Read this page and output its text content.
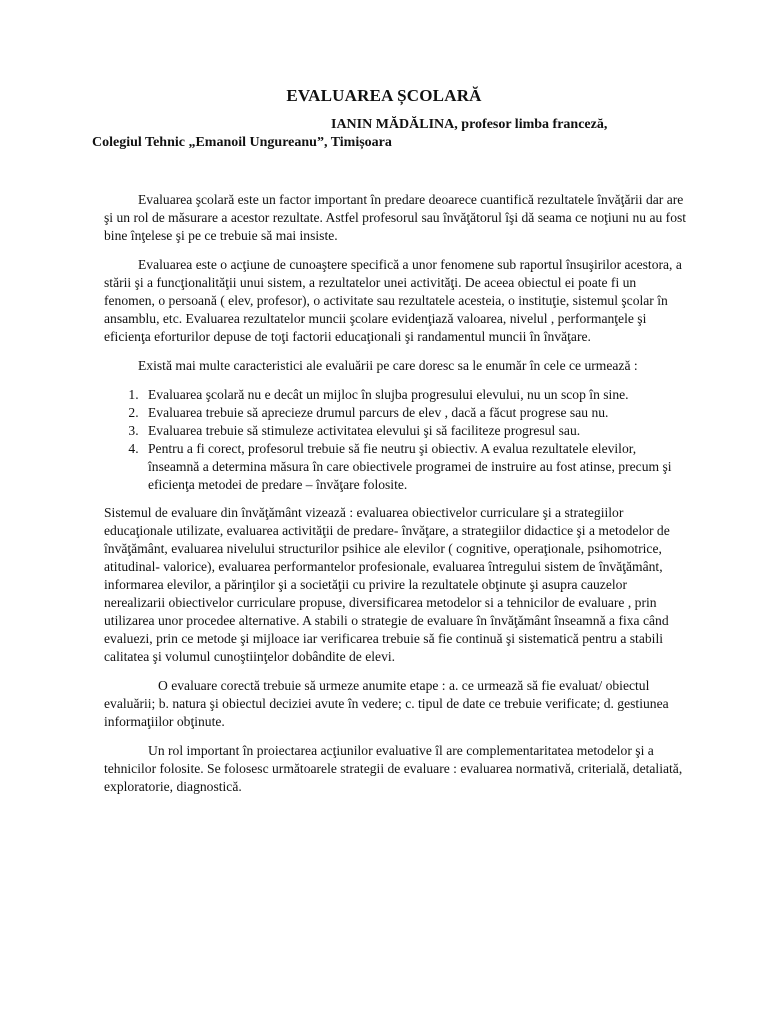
EVALUAREA ȘCOLARĂ
IANIN MĂDĂLINA, profesor limba franceză,
Colegiul Tehnic „Emanoil Ungureanu”, Timișoara

Evaluarea şcolară este un factor important în predare deoarece cuantifică rezultatele învăţării dar are şi un rol de măsurare a acestor rezultate. Astfel profesorul sau învăţătorul îşi dă seama ce noţiuni nu au fost bine înţelese şi pe ce trebuie să mai insiste.

Evaluarea este o acţiune de cunoaştere specifică a unor fenomene sub raportul însuşirilor acestora, a stării şi a funcţionalităţii unui sistem, a rezultatelor unei activităţi. De aceea obiectul ei poate fi un fenomen, o persoană ( elev, profesor), o activitate sau rezultatele acesteia, o instituţie, sistemul şcolar în ansamblu, etc. Evaluarea rezultatelor muncii şcolare evidenţiază valoarea, nivelul , performanţele şi eficienţa eforturilor depuse de toţi factorii educaţionali şi randamentul muncii în învăţare.

Există mai multe caracteristici ale evaluării pe care doresc sa le enumăr în cele ce urmează :

1. Evaluarea şcolară nu e decât un mijloc în slujba progresului elevului, nu un scop în sine.
2. Evaluarea trebuie să aprecieze drumul parcurs de elev , dacă a făcut progrese sau nu.
3. Evaluarea trebuie să stimuleze activitatea elevului şi să faciliteze progresul sau.
4. Pentru a fi corect, profesorul trebuie să fie neutru şi obiectiv. A evalua rezultatele elevilor, înseamnă a determina măsura în care obiectivele programei de instruire au fost atinse, precum şi eficienţa metodei de predare – învăţare folosite.

Sistemul de evaluare din învăţământ vizează : evaluarea obiectivelor curriculare şi a strategiilor educaţionale utilizate, evaluarea activităţii de predare- învăţare, a strategiilor didactice şi a metodelor de învăţământ, evaluarea nivelului structurilor psihice ale elevilor ( cognitive, operaţionale, psihomotrice, atitudinal- valorice), evaluarea performantelor profesionale, evaluarea întregului sistem de învăţământ, informarea elevilor, a părinţilor şi a societăţii cu privire la rezultatele obţinute şi asupra cauzelor nerealizarii obiectivelor curriculare propuse, diversificarea metodelor si a tehnicilor de evaluare , prin utilizarea unor procedee alternative. A stabili o strategie de evaluare în învăţământ înseamnă a fixa când evaluezi, prin ce metode şi mijloace iar verificarea trebuie să fie continuă şi sistematică pentru a stabili calitatea şi volumul cunoştiinţelor dobândite de elevi.

O evaluare corectă trebuie să urmeze anumite etape : a. ce urmează să fie evaluat/ obiectul evaluării; b. natura şi obiectul deciziei avute în vedere; c. tipul de date ce trebuie verificate; d. gestiunea informaţiilor obţinute.

Un rol important în proiectarea acţiunilor evaluative îl are complementaritatea metodelor şi a tehnicilor folosite. Se folosesc următoarele strategii de evaluare : evaluarea normativă, criterială, detaliată, exploratorie, diagnostică.
